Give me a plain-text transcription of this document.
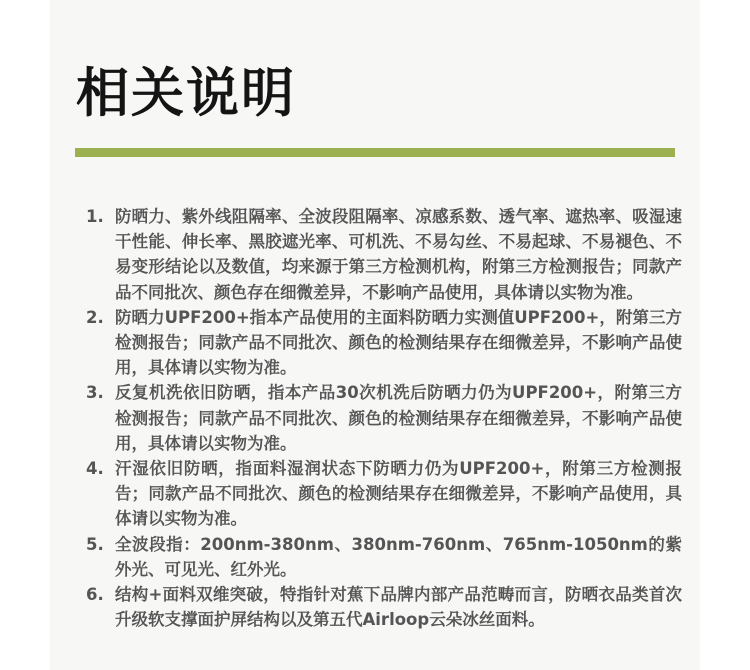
相关说明
1. 防晒力、紫外线阻隔率、全波段阻隔率、凉感系数、透气率、遮热率、吸湿速干性能、伸长率、黑胶遮光率、可机洗、不易勾丝、不易起球、不易褪色、不易变形结论以及数值，均来源于第三方检测机构，附第三方检测报告；同款产品不同批次、颜色存在细微差异，不影响产品使用，具体请以实物为准。
2. 防晒力UPF200+指本产品使用的主面料防晒力实测值UPF200+，附第三方检测报告；同款产品不同批次、颜色的检测结果存在细微差异，不影响产品使用，具体请以实物为准。
3. 反复机洗依旧防晒，指本产品30次机洗后防晒力仍为UPF200+，附第三方检测报告；同款产品不同批次、颜色的检测结果存在细微差异，不影响产品使用，具体请以实物为准。
4. 汗湿依旧防晒，指面料湿润状态下防晒力仍为UPF200+，附第三方检测报告；同款产品不同批次、颜色的检测结果存在细微差异，不影响产品使用，具体请以实物为准。
5. 全波段指：200nm-380nm、380nm-760nm、765nm-1050nm的紫外光、可见光、红外光。
6. 结构+面料双维突破，特指针对蕉下品牌内部产品范畴而言，防晒衣品类首次升级软支撑面护屏结构以及第五代Airloop云朵冰丝面料。
